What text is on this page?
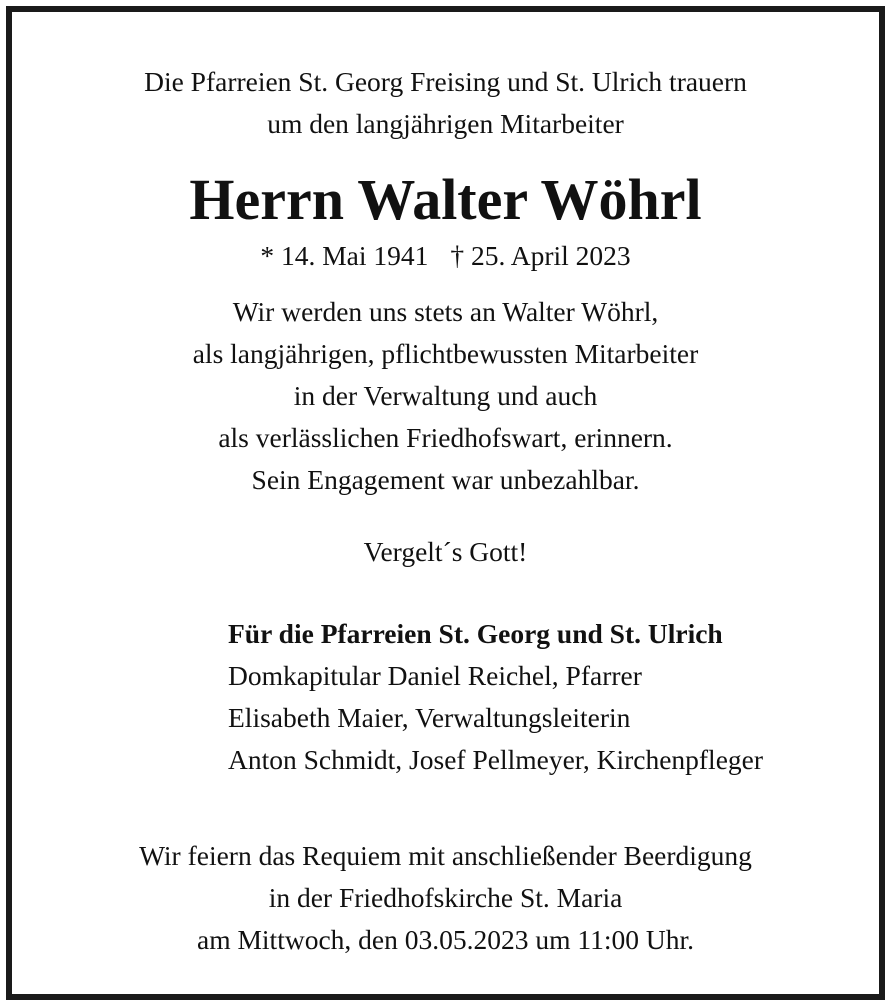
Die Pfarreien St. Georg Freising und St. Ulrich trauern
um den langjährigen Mitarbeiter
Herrn Walter Wöhrl
* 14. Mai 1941 † 25. April 2023
Wir werden uns stets an Walter Wöhrl,
als langjährigen, pflichtbewussten Mitarbeiter
in der Verwaltung und auch
als verlässlichen Friedhofswart, erinnern.
Sein Engagement war unbezahlbar.
Vergelt´s Gott!
Für die Pfarreien St. Georg und St. Ulrich
Domkapitular Daniel Reichel, Pfarrer
Elisabeth Maier, Verwaltungsleiterin
Anton Schmidt, Josef Pellmeyer, Kirchenpfleger
Wir feiern das Requiem mit anschließender Beerdigung
in der Friedhofskirche St. Maria
am Mittwoch, den 03.05.2023 um 11:00 Uhr.
